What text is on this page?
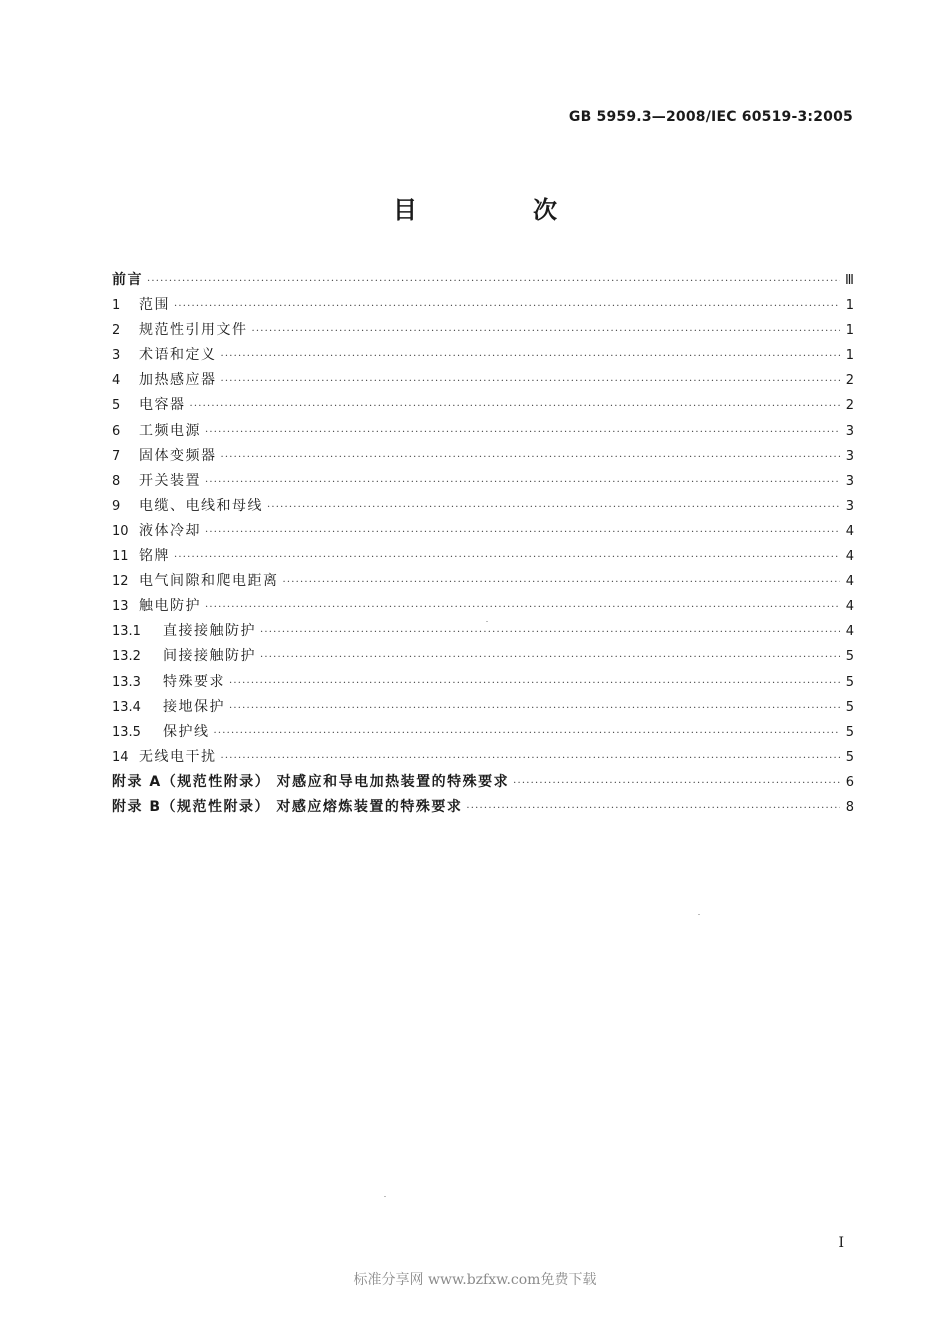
GB 5959.3—2008/IEC 60519-3:2005
目　次
前言 ·····	Ⅲ
1	范围 ·····	1
2	规范性引用文件 ·····	1
3	术语和定义 ·····	1
4	加热感应器 ·····	2
5	电容器 ·····	2
6	工频电源 ·····	3
7	固体变频器 ·····	3
8	开关装置 ·····	3
9	电缆、电线和母线 ·····	3
10 液体冷却 ·····	4
11 铭牌 ·····	4
12 电气间隙和爬电距离 ·····	4
13 触电防护 ·····	4
13.1	直接接触防护 ·····	4
13.2	间接接触防护 ·····	5
13.3	特殊要求 ·····	5
13.4	接地保护 ·····	5
13.5	保护线 ·····	5
14 无线电干扰 ·····	5
附录 A（规范性附录） 对感应和导电加热装置的特殊要求 ·····	6
附录 B（规范性附录） 对感应熔炼装置的特殊要求 ·····	8
I
标准分享网 www.bzfxw.com免费下载
